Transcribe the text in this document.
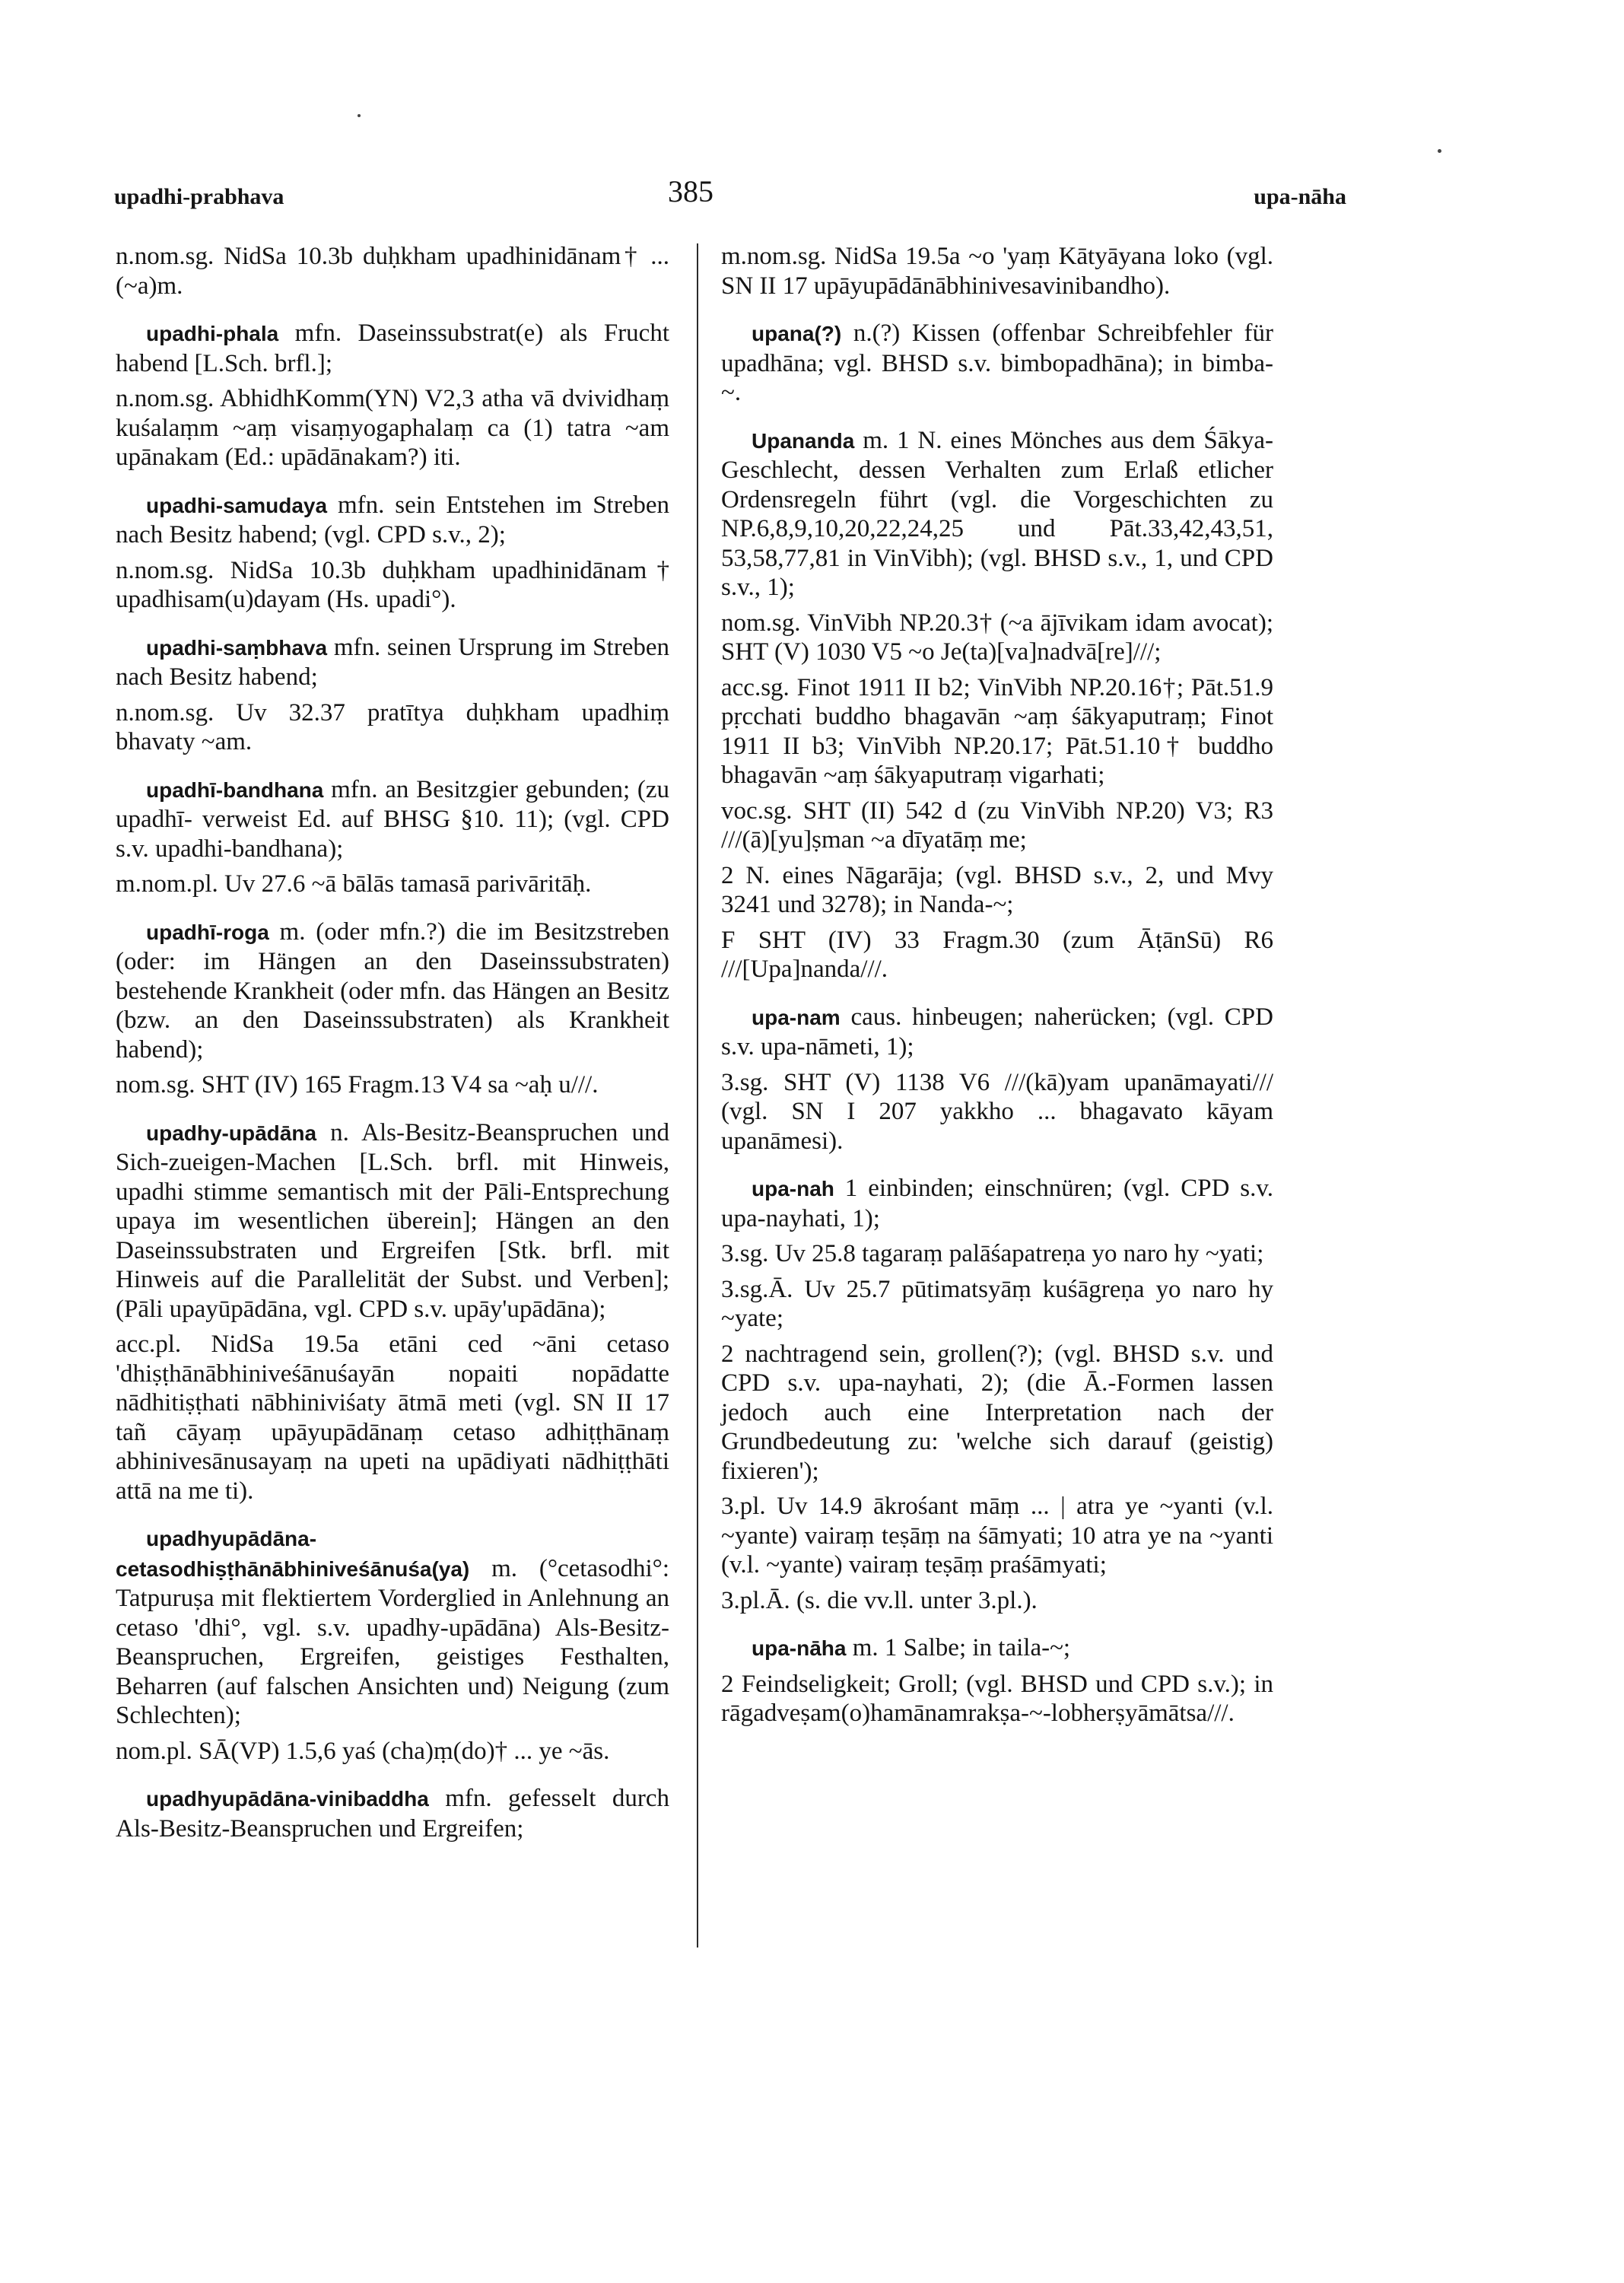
upadhi-prabhava	385	upa-nāha

n.nom.sg. NidSa 10.3b duḥkham upadhinidānam† ... (~a)m.

upadhi-phala mfn. Daseinssubstrat(e) als Frucht habend [L.Sch. brfl.];

n.nom.sg. AbhidhKomm(YN) V2,3 atha vā dvividhaṃ kuśalaṃm ~aṃ visaṃyogaphalaṃ ca (1) tatra ~am upānakam (Ed.: upādānakam?) iti.

upadhi-samudaya mfn. sein Entstehen im Streben nach Besitz habend; (vgl. CPD s.v., 2);

n.nom.sg. NidSa 10.3b duḥkham upadhinidānam† upadhisam(u)dayam (Hs. upadi°).

upadhi-saṃbhava mfn. seinen Ursprung im Streben nach Besitz habend;

n.nom.sg. Uv 32.37 pratītya duḥkham upadhiṃ bhavaty ~am.

upadhī-bandhana mfn. an Besitzgier gebunden; (zu upadhī- verweist Ed. auf BHSG §10. 11); (vgl. CPD s.v. upadhi-bandhana);

m.nom.pl. Uv 27.6 ~ā bālās tamasā parivāritāḥ.

upadhī-roga m. (oder mfn.?) die im Besitzstreben (oder: im Hängen an den Daseinssubstraten) bestehende Krankheit (oder mfn. das Hängen an Besitz (bzw. an den Daseinssubstraten) als Krankheit habend);

nom.sg. SHT (IV) 165 Fragm.13 V4 sa ~aḥ u///.

upadhy-upādāna n. Als-Besitz-Beanspruchen und Sich-zueigen-Machen [L.Sch. brfl. mit Hinweis, upadhi stimme semantisch mit der Pāli-Entsprechung upaya im wesentlichen überein]; Hängen an den Daseinssubstraten und Ergreifen [Stk. brfl. mit Hinweis auf die Parallelität der Subst. und Verben]; (Pāli upayūpādāna, vgl. CPD s.v. upāy'upādāna);

acc.pl. NidSa 19.5a etāni ced ~āni cetaso 'dhiṣṭhānābhiniveśānuśayān nopaiti nopādatte nādhitiṣṭhati nābhiniviśaty ātmā meti (vgl. SN II 17 tañ cāyaṃ upāyupādānaṃ cetaso adhiṭṭhānaṃ abhinivesānusayaṃ na upeti na upādiyati nādhiṭṭhāti attā na me ti).

upadhyupādāna-cetasodhiṣṭhānābhiniveśānuśa(ya) m. (°cetasodhi°: Tatpuruṣa mit flektiertem Vorderglied in Anlehnung an cetaso 'dhi°, vgl. s.v. upadhy-upādāna) Als-Besitz-Beanspruchen, Ergreifen, geistiges Festhalten, Beharren (auf falschen Ansichten und) Neigung (zum Schlechten);

nom.pl. SĀ(VP) 1.5,6 yaś (cha)ṃ(do)† ... ye ~ās.

upadhyupādāna-vinibaddha mfn. gefesselt durch Als-Besitz-Beanspruchen und Ergreifen;

m.nom.sg. NidSa 19.5a ~o 'yaṃ Kātyāyana loko (vgl. SN II 17 upāyupādānābhinivesavinibandho).

upana(?) n.(?) Kissen (offenbar Schreibfehler für upadhāna; vgl. BHSD s.v. bimbopadhāna); in bimba-~.

Upananda m. 1 N. eines Mönches aus dem Śākya-Geschlecht, dessen Verhalten zum Erlaß etlicher Ordensregeln führt (vgl. die Vorgeschichten zu NP.6,8,9,10,20,22,24,25 und Pāt.33,42,43,51, 53,58,77,81 in VinVibh); (vgl. BHSD s.v., 1, und CPD s.v., 1);

nom.sg. VinVibh NP.20.3† (~a ājīvikam idam avocat); SHT (V) 1030 V5 ~o Je(ta)[va]nadvā[re]///;

acc.sg. Finot 1911 II b2; VinVibh NP.20.16†; Pāt.51.9 pṛcchati buddho bhagavān ~aṃ śākyaputraṃ; Finot 1911 II b3; VinVibh NP.20.17; Pāt.51.10† buddho bhagavān ~aṃ śākyaputraṃ vigarhati;

voc.sg. SHT (II) 542 d (zu VinVibh NP.20) V3; R3 ///(ā)[yu]ṣman ~a dīyatāṃ me;

2 N. eines Nāgarāja; (vgl. BHSD s.v., 2, und Mvy 3241 und 3278); in Nanda-~;

F SHT (IV) 33 Fragm.30 (zum ĀṭānSū) R6 ///[Upa]nanda///.

upa-nam caus. hinbeugen; naherücken; (vgl. CPD s.v. upa-nāmeti, 1);

3.sg. SHT (V) 1138 V6 ///(kā)yam upanāmayati/// (vgl. SN I 207 yakkho ... bhagavato kāyam upanāmesi).

upa-nah 1 einbinden; einschnüren; (vgl. CPD s.v. upa-nayhati, 1);

3.sg. Uv 25.8 tagaraṃ palāśapatreṇa yo naro hy ~yati;

3.sg.Ā. Uv 25.7 pūtimatsyāṃ kuśāgreṇa yo naro hy ~yate;

2 nachtragend sein, grollen(?); (vgl. BHSD s.v. und CPD s.v. upa-nayhati, 2); (die Ā.-Formen lassen jedoch auch eine Interpretation nach der Grundbedeutung zu: 'welche sich darauf (geistig) fixieren');

3.pl. Uv 14.9 ākrośant māṃ ... | atra ye ~yanti (v.l. ~yante) vairaṃ teṣāṃ na śāmyati; 10 atra ye na ~yanti (v.l. ~yante) vairaṃ teṣāṃ praśāmyati;

3.pl.Ā. (s. die vv.ll. unter 3.pl.).

upa-nāha m. 1 Salbe; in taila-~;

2 Feindseligkeit; Groll; (vgl. BHSD und CPD s.v.); in rāgadveṣam(o)hamānamrakṣa-~-lobherṣyāmātsa///.
